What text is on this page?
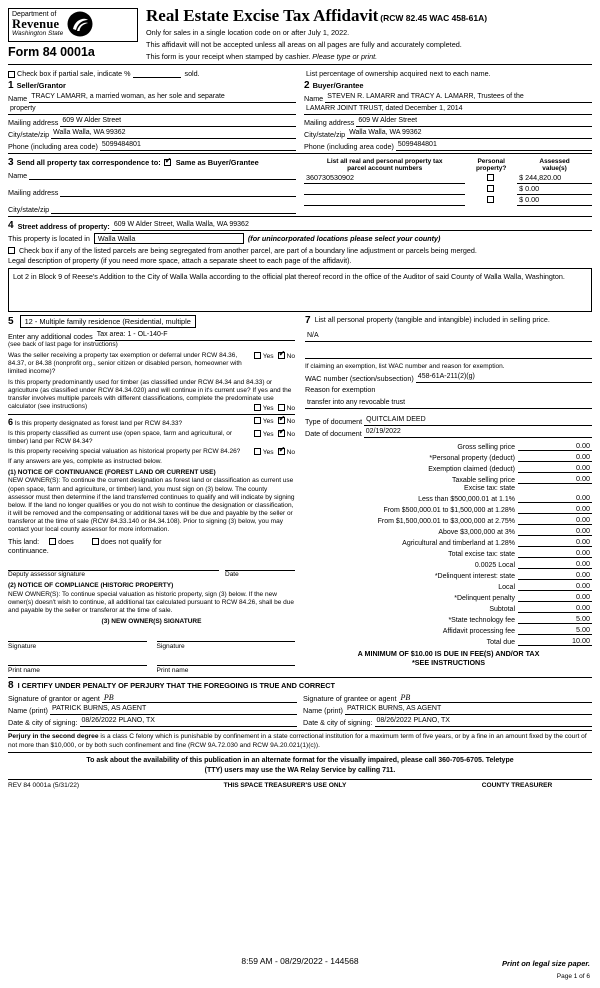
Department of
Revenue
Washington State
Form 84 0001a
Real Estate Excise Tax Affidavit (RCW 82.45 WAC 458-61A)
Only for sales in a single location code on or after July 1, 2022.
This affidavit will not be accepted unless all areas on all pages are fully and accurately completed.
This form is your receipt when stamped by cashier. Please type or print.
Check box if partial sale, indicate %	sold.	List percentage of ownership acquired next to each name.
1 Seller/Grantor
Name TRACY LAMARR, a married woman, as her sole and separate
property
Mailing address 609 W Alder Street
City/state/zip Walla Walla, WA 99362
Phone (including area code) 5099484801
2 Buyer/Grantee
Name STEVEN R. LAMARR and TRACY A. LAMARR, Trustees of the
LAMARR JOINT TRUST, dated December 1, 2014
Mailing address 609 W Alder Street
City/state/zip Walla Walla, WA 99362
Phone (including area code) 5099484801
3 Send all property tax correspondence to: ✔ Same as Buyer/Grantee
Name
Mailing address
City/state/zip
List all real and personal property tax
parcel account numbers

Personal
property?

Assessed
value(s)

360730530902		$ 244,820.00

		$ 0.00

		$ 0.00
4 Street address of property: 609 W Alder Street, Walla Walla, WA 99362
This property is located in	Walla Walla	(for unincorporated locations please select your county)
Check box if any of the listed parcels are being segregated from another parcel, are part of a boundary line adjustment or parcels being merged.
Legal description of property (if you need more space, attach a separate sheet to each page of the affidavit).
Lot 2 in Block 9 of Reese's Addition to the City of Walla Walla according to the official plat thereof record in the office of the Auditor of said County of Walla Walla, Washington.
5	12 - Multiple family residence (Residential, multiple
Enter any additional codes Tax area: 1 - OL-140-F
(see back of last page for instructions)
Was the seller receiving a property tax exemption or deferral under RCW 84.36, 84.37, or 84.38 (nonprofit org., senior citizen or disabled person, homeowner with limited income)?
Yes ✔ No
Is this property predominantly used for timber (as classified under RCW 84.34 and 84.33) or agriculture (as classified under RCW 84.34.020) and will continue in it's current use? If yes and the transfer involves multiple parcels with different classifications, complete the predominate use calculator (see instructions)	Yes No
6 Is this property designated as forest land per RCW 84.33?	Yes ✔ No
Is this property classified as current use (open space, farm and agricultural, or timber) land per RCW 84.34?
Yes ✔ No
Is this property receiving special valuation as historical property per RCW 84.26?	Yes ✔ No
If any answers are yes, complete as instructed below.
(1) NOTICE OF CONTINUANCE (FOREST LAND OR CURRENT USE)
NEW OWNER(S): To continue the current designation as forest land or classification as current use (open space, farm and agriculture, or timber) land, you must sign on (3) below. The county assessor must then determine if the land transferred continues to qualify and will indicate by signing below. If the land no longer qualifies or you do not wish to continue the designation or classification, it will be removed and the compensating or additional taxes will be due and payable by the seller or transferor at the time of sale (RCW 84.33.140 or 84.34.108). Prior to signing (3) below, you may contact your local county assessor for more information.
This land:	does	does not qualify for
continuance.
Deputy assessor signature	Date
(2) NOTICE OF COMPLIANCE (HISTORIC PROPERTY)
NEW OWNER(S): To continue special valuation as historic property, sign (3) below. If the new owner(s) doesn't wish to continue, all additional tax calculated pursuant to RCW 84.26, shall be due and payable by the seller or transferor at the time of sale.
(3) NEW OWNER(S) SIGNATURE
Signature	Signature
Print name	Print name
7 List all personal property (tangible and intangible) included in selling price.
N/A
If claiming an exemption, list WAC number and reason for exemption.
WAC number (section/subsection) 458-61A-211(2)(g)
Reason for exemption
transfer into any revocable trust
Type of document QUITCLAIM DEED
Date of document 02/19/2022
Gross selling price	0.00
*Personal property (deduct)	0.00
Exemption claimed (deduct)	0.00
Taxable selling price	0.00
Excise tax: state
Less than $500,000.01 at 1.1%	0.00
From $500,000.01 to $1,500,000 at 1.28%	0.00
From $1,500,000.01 to $3,000,000 at 2.75%	0.00
Above $3,000,000 at 3%	0.00
Agricultural and timberland at 1.28%	0.00
Total excise tax: state	0.00
0.0025 Local	0.00
*Delinquent interest: state	0.00
Local	0.00
*Delinquent penalty	0.00
Subtotal	0.00
*State technology fee	5.00
Affidavit processing fee	5.00
Total due	10.00
A MINIMUM OF $10.00 IS DUE IN FEE(S) AND/OR TAX
*SEE INSTRUCTIONS
8 I CERTIFY UNDER PENALTY OF PERJURY THAT THE FOREGOING IS TRUE AND CORRECT
Signature of grantor or agent PB
Name (print) PATRICK BURNS, AS AGENT
Date & city of signing: 08/26/2022 PLANO, TX
Signature of grantee or agent PB
Name (print) PATRICK BURNS, AS AGENT
Date & city of signing: 08/26/2022 PLANO, TX
Perjury in the second degree is a class C felony which is punishable by confinement in a state correctional institution for a maximum term of five years, or by a fine in an amount fixed by the court of not more than $10,000, or by both such confinement and fine (RCW 9A.72.030 and RCW 9A.20.021(1)(c)).
To ask about the availability of this publication in an alternate format for the visually impaired, please call 360-705-6705. Teletype
(TTY) users may use the WA Relay Service by calling 711.
REV 84 0001a (5/31/22)	THIS SPACE TREASURER'S USE ONLY	COUNTY TREASURER
8:59 AM - 08/29/2022 - 144568	Print on legal size paper.
Page 1 of 6
